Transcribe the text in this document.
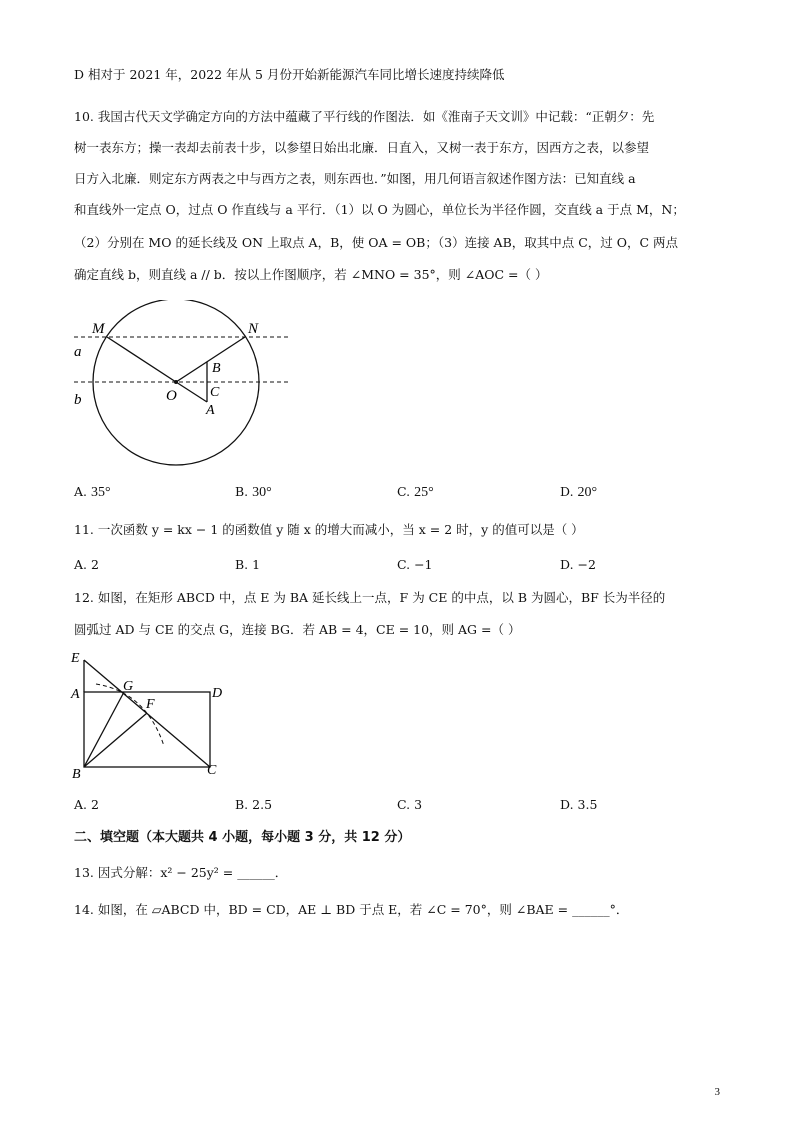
D 相对于 2021 年，2022 年从 5 月份开始新能源汽车同比增长速度持续降低
10. 我国古代天文学确定方向的方法中蕴藏了平行线的作图法．如《淮南子天文训》中记载：“正朝夕：先
树一表东方；操一表却去前表十步，以参望日始出北廉．日直入，又树一表于东方，因西方之表，以参望
日方入北廉．则定东方两表之中与西方之表，则东西也．”如图，用几何语言叙述作图方法：已知直线 a
和直线外一定点 O，过点 O 作直线与 a 平行．（1）以 O 为圆心，单位长为半径作圆，交直线 a 于点 M，N；
（2）分别在 MO 的延长线及 ON 上取点 A，B，使 OA = OB；（3）连接 AB，取其中点 C，过 O，C 两点
确定直线 b，则直线 a // b．按以上作图顺序，若 ∠MNO = 35°，则 ∠AOC =（ ）
M	N
a
b	O
B
C
A
A. 35°	B. 30°	C. 25°	D. 20°
11. 一次函数 y = kx − 1 的函数值 y 随 x 的增大而减小，当 x = 2 时，y 的值可以是（ ）
A. 2	B. 1	C. −1	D. −2
12. 如图，在矩形 ABCD 中，点 E 为 BA 延长线上一点，F 为 CE 的中点，以 B 为圆心，BF 长为半径的
圆弧过 AD 与 CE 的交点 G，连接 BG．若 AB = 4，CE = 10，则 AG =（ ）
E
A
G	D
F
B	C
A. 2	B. 2.5	C. 3	D. 3.5
二、填空题（本大题共 4 小题，每小题 3 分，共 12 分）
13. 因式分解：x² − 25y² = ______．
14. 如图，在 ▱ABCD 中，BD = CD，AE ⊥ BD 于点 E，若 ∠C = 70°，则 ∠BAE = ______°．
3
